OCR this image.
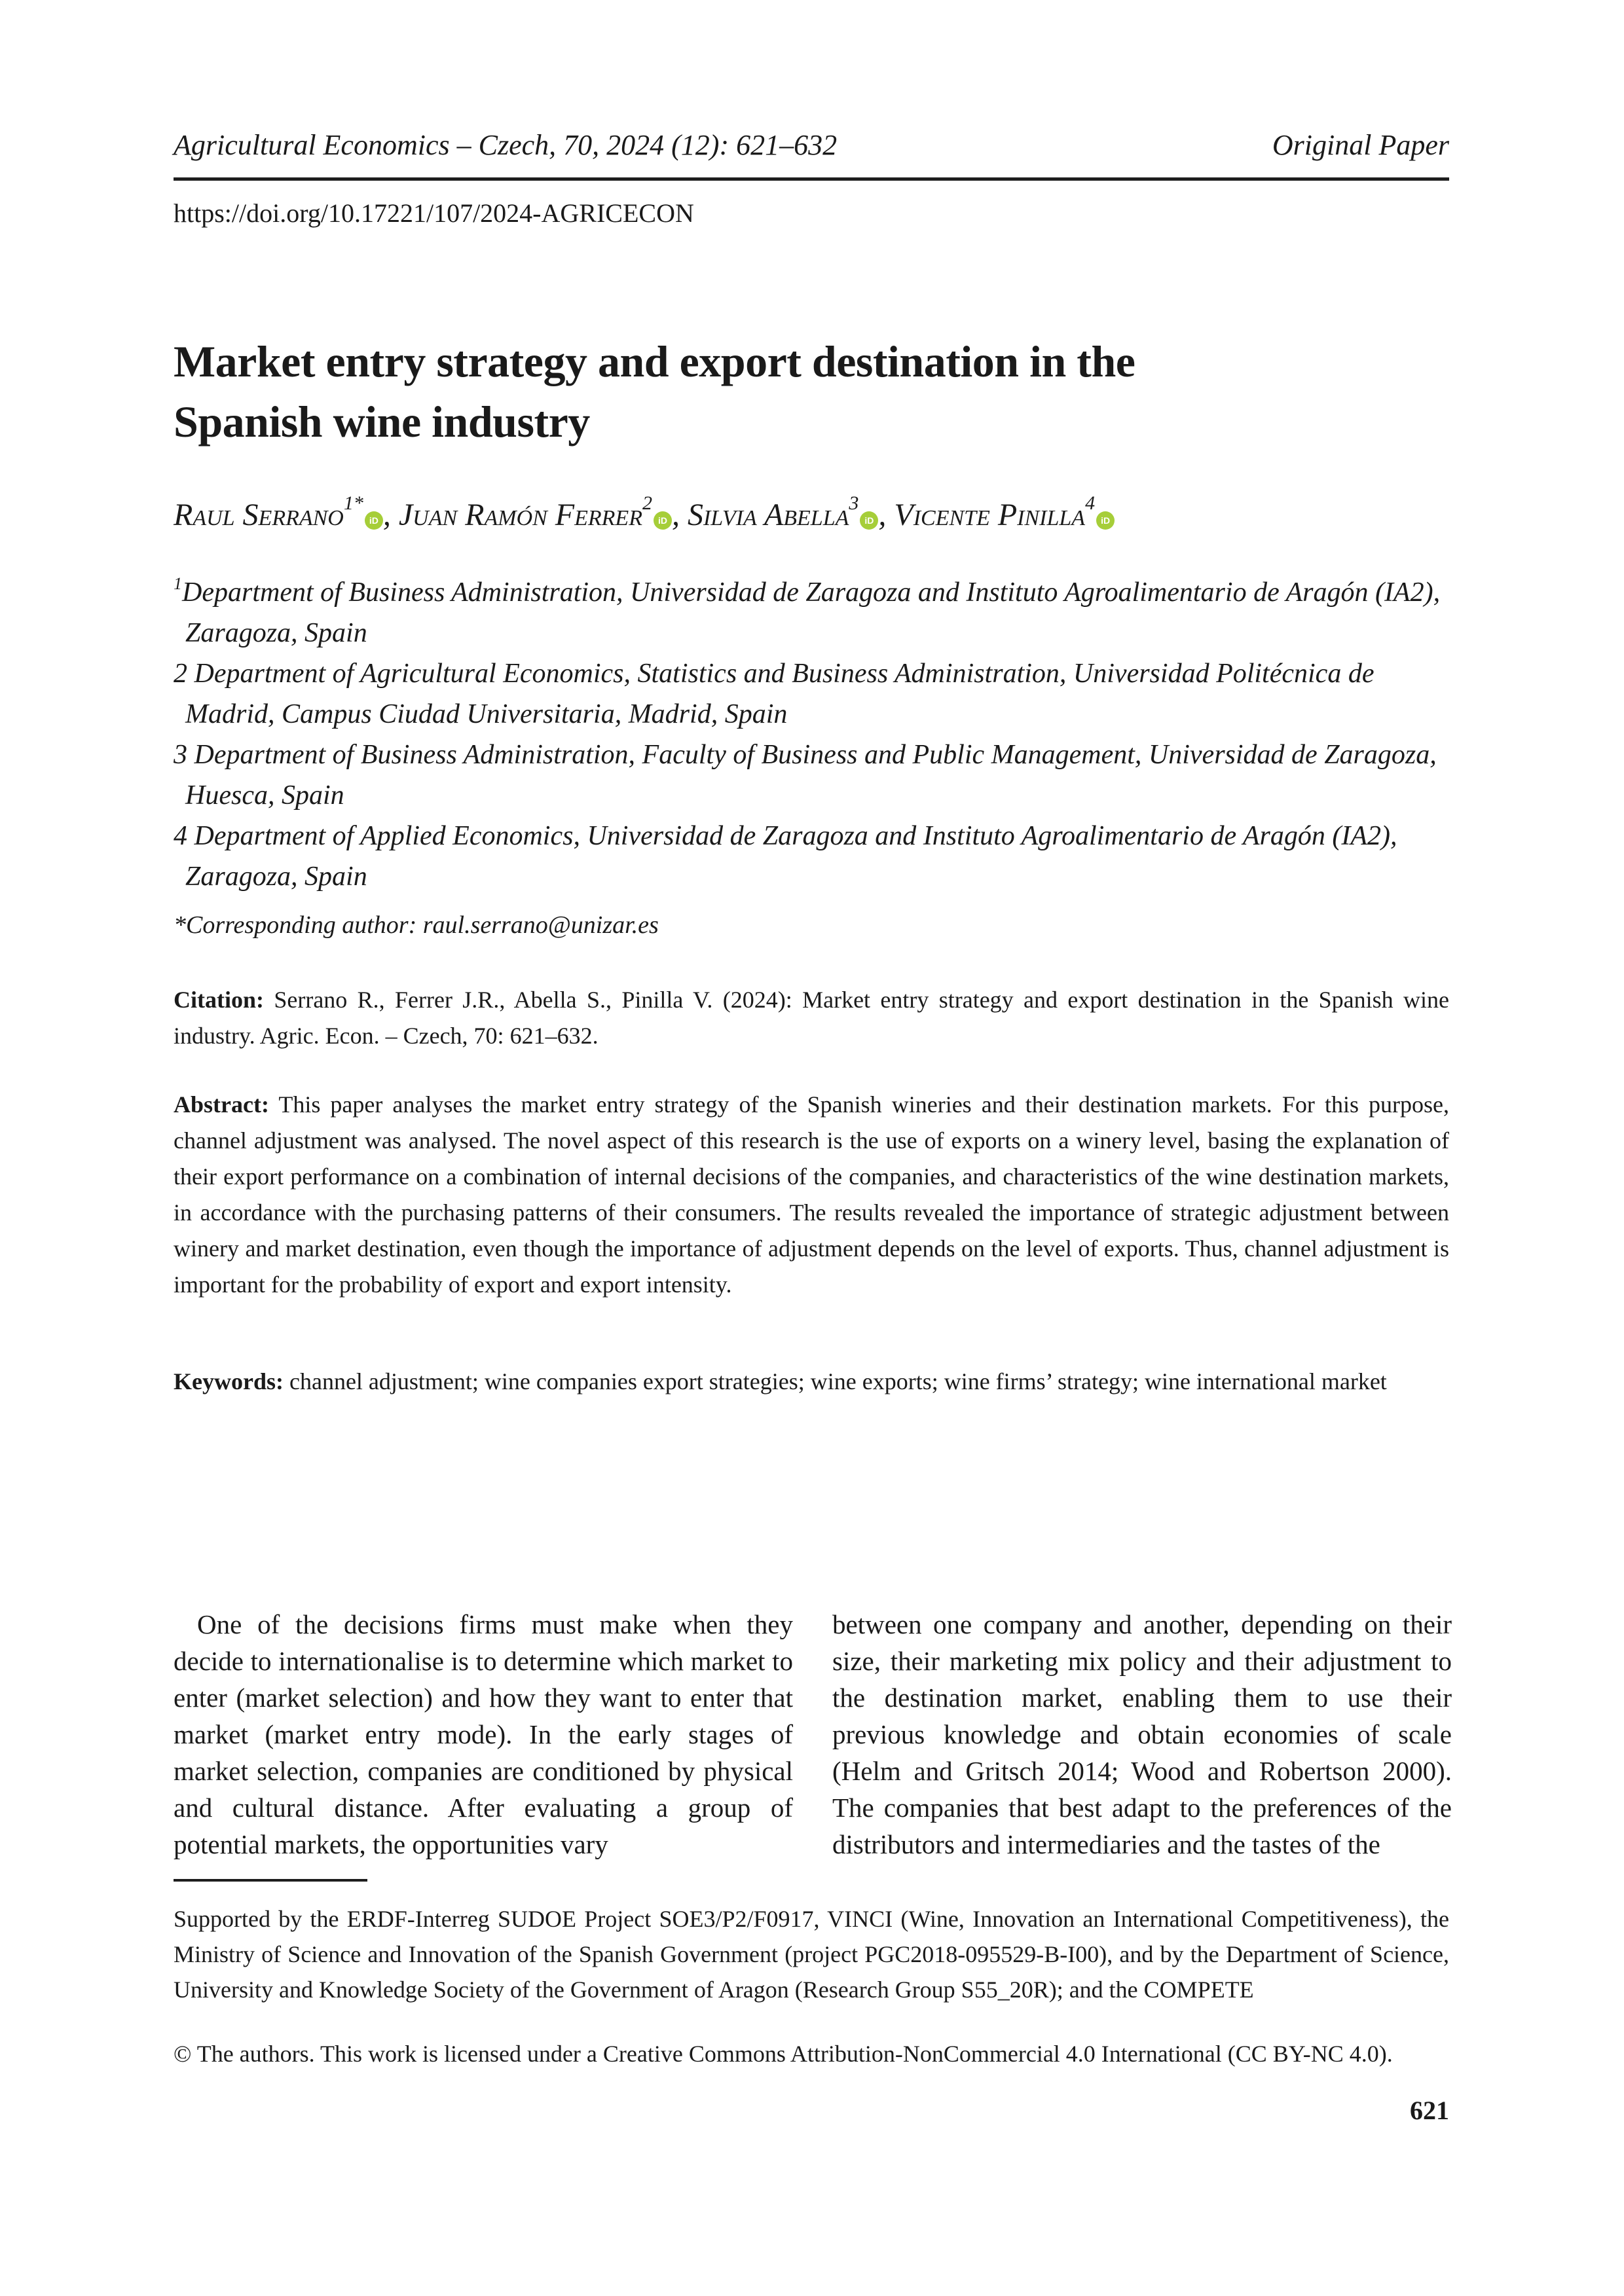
Agricultural Economics – Czech, 70, 2024 (12): 621–632	Original Paper
https://doi.org/10.17221/107/2024-AGRICECON
Market entry strategy and export destination in the
Spanish wine industry
Raul Serrano$^{1*}$iD , Juan Ramón Ferrer$^2$iD , Silvia Abella$^3$iD , Vicente Pinilla$^4$iD
$^1$Department of Business Administration, Universidad de Zaragoza and Instituto Agroalimentario de Aragón (IA2), Zaragoza, Spain
2 Department of Agricultural Economics, Statistics and Business Administration, Universidad Politécnica de Madrid, Campus Ciudad Universitaria, Madrid, Spain
3 Department of Business Administration, Faculty of Business and Public Management, Universidad de Zaragoza, Huesca, Spain
4 Department of Applied Economics, Universidad de Zaragoza and Instituto Agroalimentario de Aragón (IA2), Zaragoza, Spain
*Corresponding author: raul.serrano@unizar.es
Citation: Serrano R., Ferrer J.R., Abella S., Pinilla V. (2024): Market entry strategy and export destination in the Spanish wine industry. Agric. Econ. – Czech, 70: 621–632.
Abstract: This paper analyses the market entry strategy of the Spanish wineries and their destination markets. For this purpose, channel adjustment was analysed. The novel aspect of this research is the use of exports on a winery level, basing the explanation of their export performance on a combination of internal decisions of the companies, and characteristics of the wine destination markets, in accordance with the purchasing patterns of their consumers. The results revealed the importance of strategic adjustment between winery and market destination, even though the importance of adjustment depends on the level of exports. Thus, channel adjustment is important for the probability of export and export intensity.
Keywords: channel adjustment; wine companies export strategies; wine exports; wine firms’ strategy; wine international market

One of the decisions firms must make when they decide to internationalise is to determine which market to enter (market selection) and how they want to enter that market (market entry mode). In the early stages of market selection, companies are conditioned by physical and cultural distance. After evaluating a group of potential markets, the opportunities vary

between one company and another, depending on their size, their marketing mix policy and their adjustment to the destination market, enabling them to use their previous knowledge and obtain economies of scale (Helm and Gritsch 2014; Wood and Robertson 2000). The companies that best adapt to the preferences of the distributors and intermediaries and the tastes of the

Supported by the ERDF-Interreg SUDOE Project SOE3/P2/F0917, VINCI (Wine, Innovation an International Competitiveness), the Ministry of Science and Innovation of the Spanish Government (project PGC2018-095529-B-I00), and by the Department of Science, University and Knowledge Society of the Government of Aragon (Research Group S55_20R); and the COMPETE
© The authors. This work is licensed under a Creative Commons Attribution-NonCommercial 4.0 International (CC BY-NC 4.0).
621
